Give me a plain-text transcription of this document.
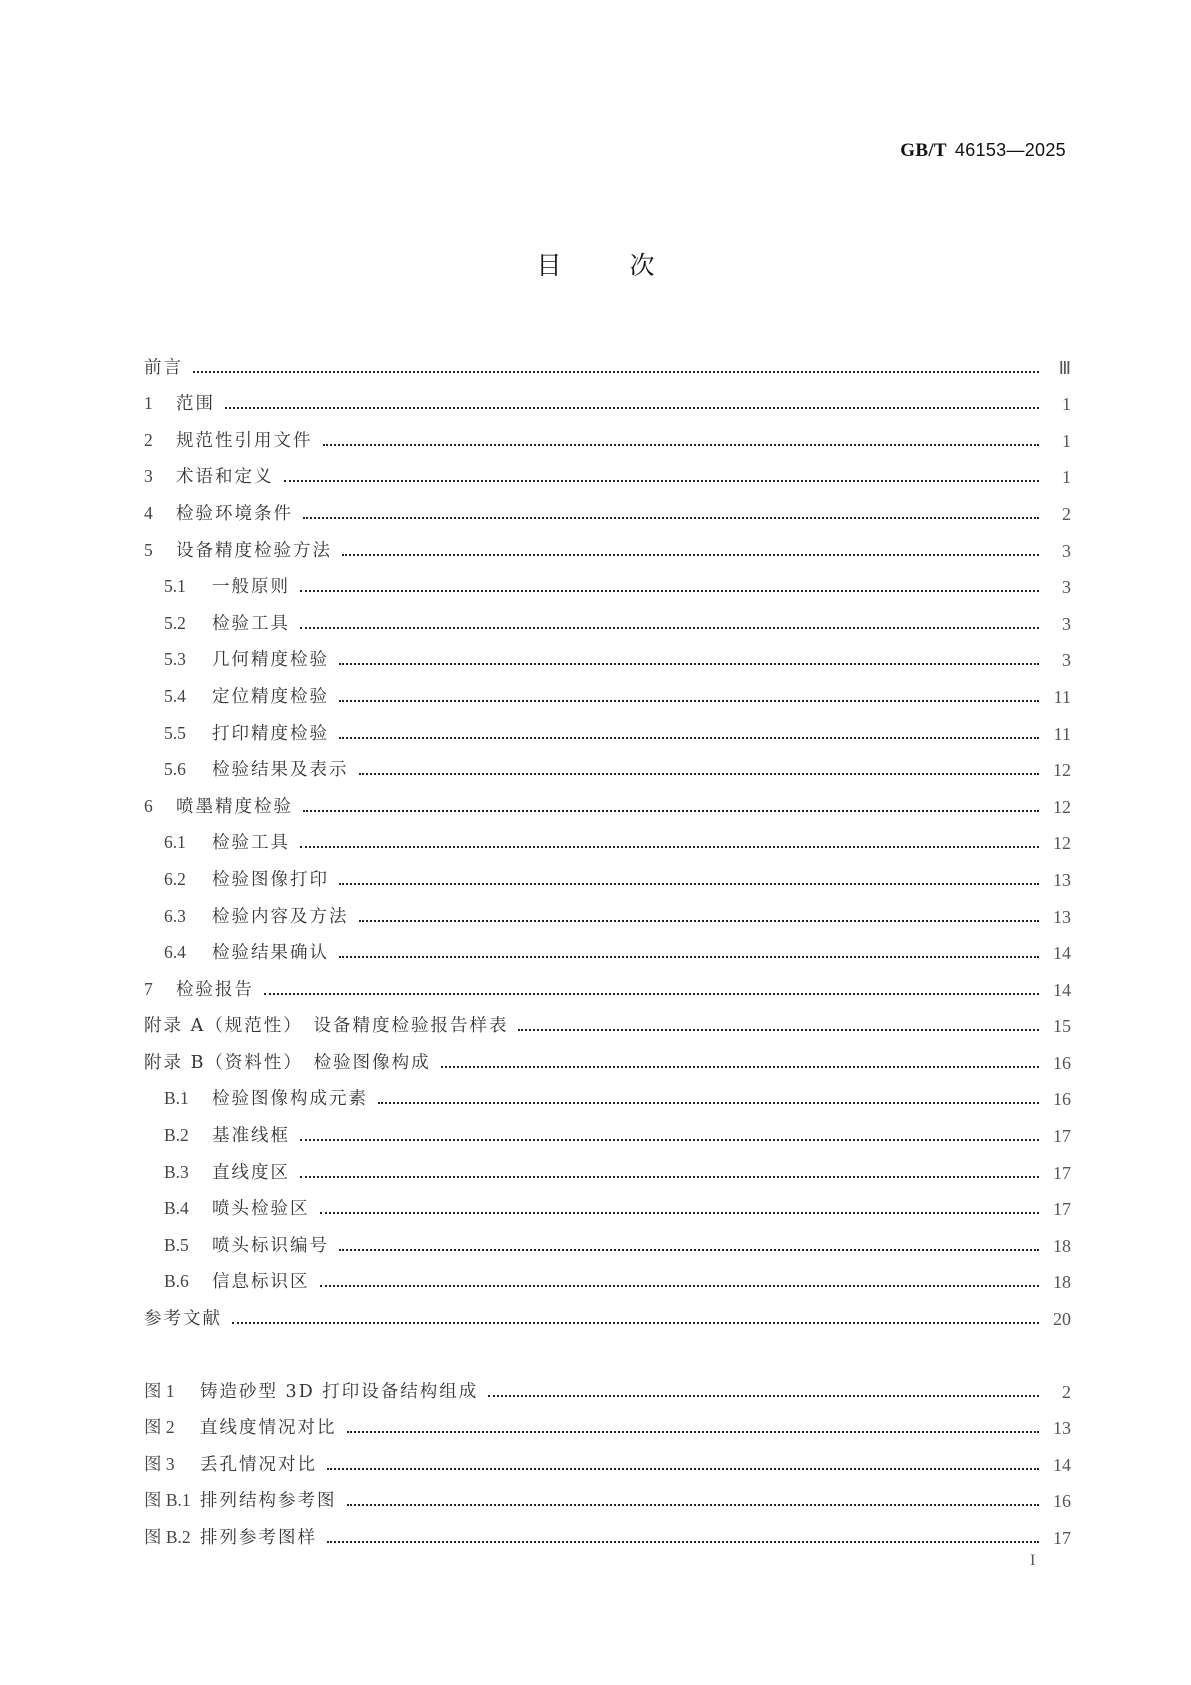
GB/T 46153—2025
目次
前言	Ⅲ
1 范围	1
2 规范性引用文件	1
3 术语和定义	1
4 检验环境条件	2
5 设备精度检验方法	3
5.1 一般原则	3
5.2 检验工具	3
5.3 几何精度检验	3
5.4 定位精度检验	11
5.5 打印精度检验	11
5.6 检验结果及表示	12
6 喷墨精度检验	12
6.1 检验工具	12
6.2 检验图像打印	13
6.3 检验内容及方法	13
6.4 检验结果确认	14
7 检验报告	14
附录 A（规范性）　设备精度检验报告样表	15
附录 B（资料性）　检验图像构成	16
B.1 检验图像构成元素	16
B.2 基准线框	17
B.3 直线度区	17
B.4 喷头检验区	17
B.5 喷头标识编号	18
B.6 信息标识区	18
参考文献	20
图 1 铸造砂型 3D 打印设备结构组成	2
图 2 直线度情况对比	13
图 3 丢孔情况对比	14
图 B.1 排列结构参考图	16
图 B.2 排列参考图样	17
I
